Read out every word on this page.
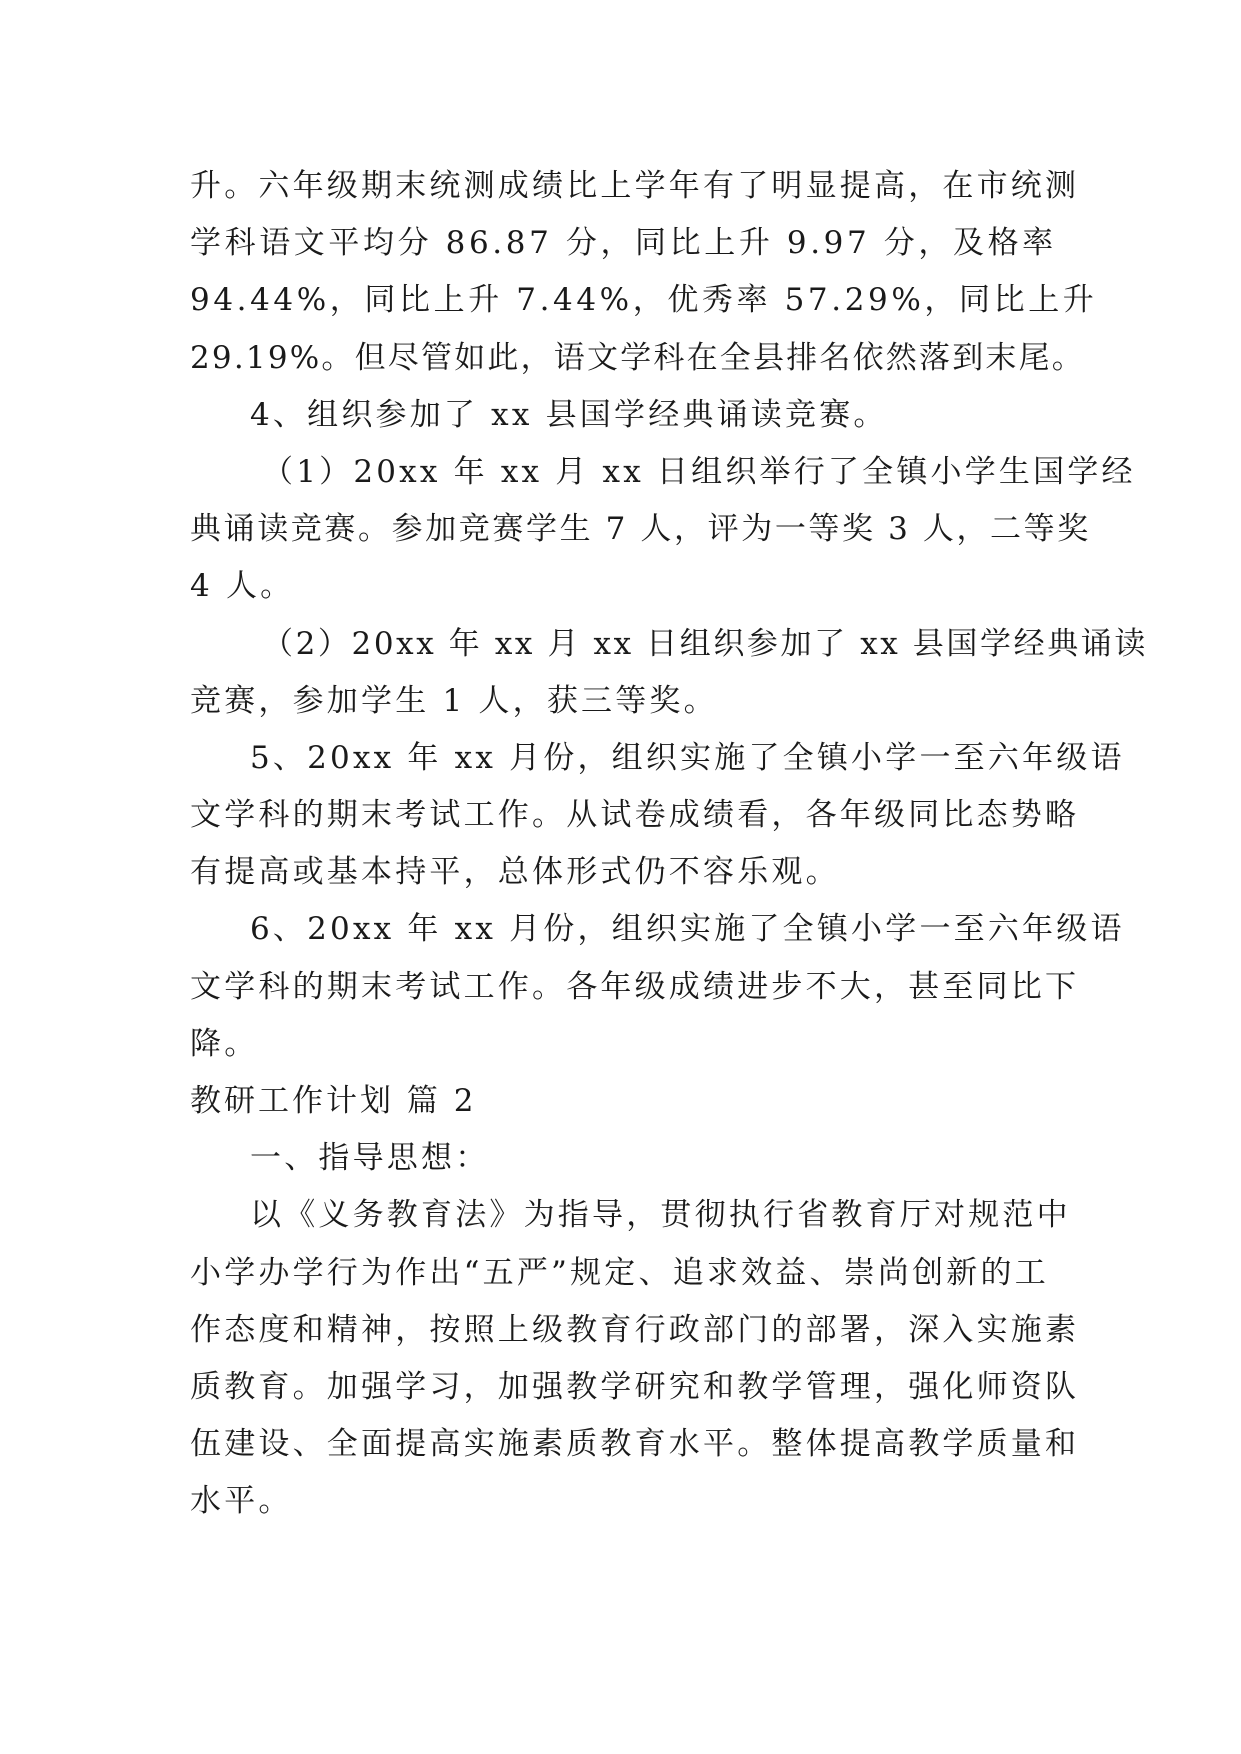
升。六年级期末统测成绩比上学年有了明显提高，在市统测
学科语文平均分 86.87 分，同比上升 9.97 分，及格率
94.44%，同比上升 7.44%，优秀率 57.29%，同比上升
29.19%。但尽管如此，语文学科在全县排名依然落到末尾。
4、组织参加了 xx 县国学经典诵读竞赛。
（1）20xx 年 xx 月 xx 日组织举行了全镇小学生国学经
典诵读竞赛。参加竞赛学生 7 人，评为一等奖 3 人，二等奖
4 人。
（2）20xx 年 xx 月 xx 日组织参加了 xx 县国学经典诵读
竞赛，参加学生 1 人，获三等奖。
5、20xx 年 xx 月份，组织实施了全镇小学一至六年级语
文学科的期末考试工作。从试卷成绩看，各年级同比态势略
有提高或基本持平，总体形式仍不容乐观。
6、20xx 年 xx 月份，组织实施了全镇小学一至六年级语
文学科的期末考试工作。各年级成绩进步不大，甚至同比下
降。
教研工作计划 篇 2
一、指导思想：
以《义务教育法》为指导，贯彻执行省教育厅对规范中
小学办学行为作出“五严”规定、追求效益、崇尚创新的工
作态度和精神，按照上级教育行政部门的部署，深入实施素
质教育。加强学习，加强教学研究和教学管理，强化师资队
伍建设、全面提高实施素质教育水平。整体提高教学质量和
水平。
